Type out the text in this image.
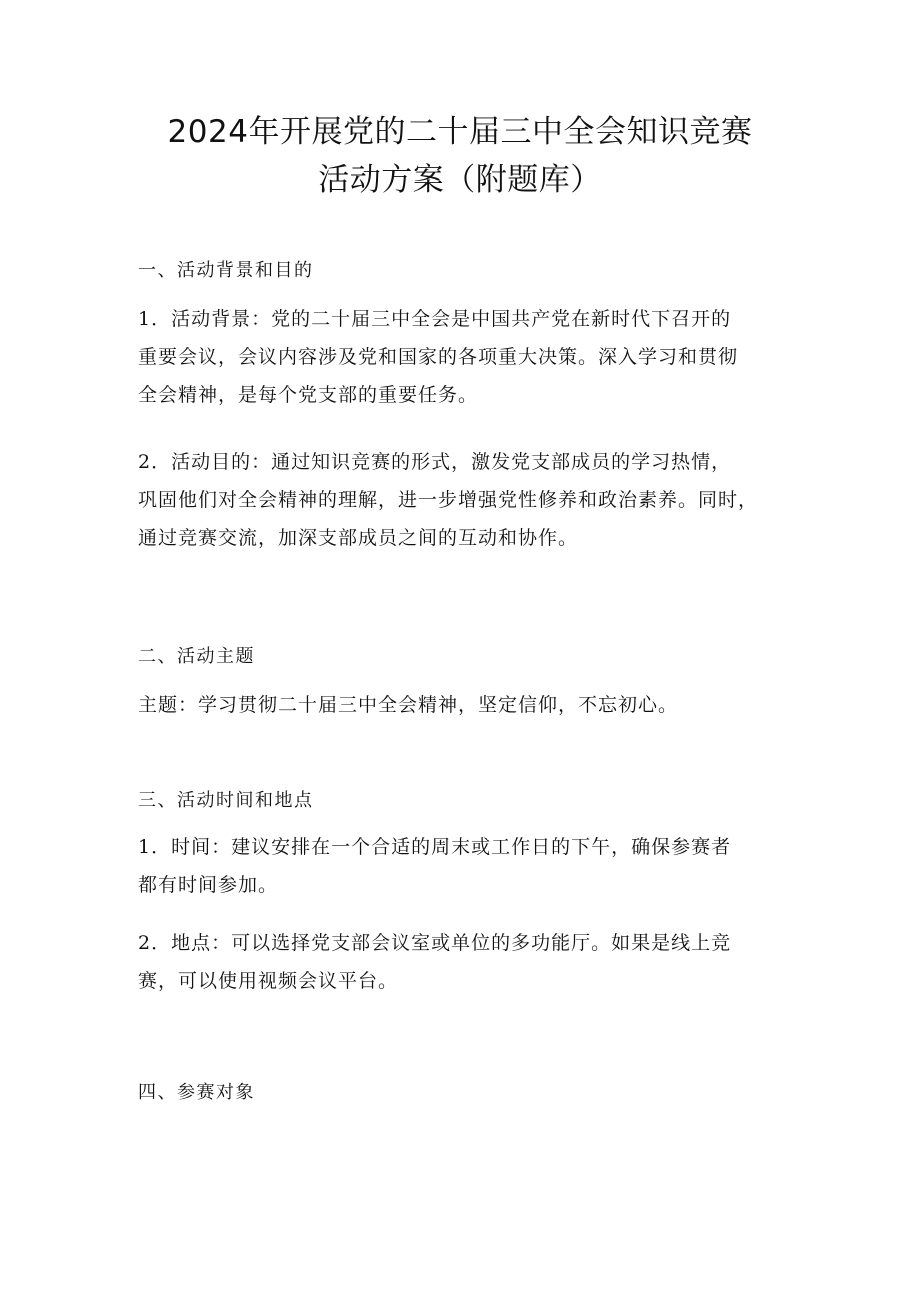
2024年开展党的二十届三中全会知识竞赛
活动方案（附题库）
一、活动背景和目的
1．活动背景：党的二十届三中全会是中国共产党在新时代下召开的
重要会议，会议内容涉及党和国家的各项重大决策。深入学习和贯彻
全会精神，是每个党支部的重要任务。
2．活动目的：通过知识竞赛的形式，激发党支部成员的学习热情，
巩固他们对全会精神的理解，进一步增强党性修养和政治素养。同时，
通过竞赛交流，加深支部成员之间的互动和协作。
二、活动主题
主题：学习贯彻二十届三中全会精神，坚定信仰，不忘初心。
三、活动时间和地点
1．时间：建议安排在一个合适的周末或工作日的下午，确保参赛者
都有时间参加。
2．地点：可以选择党支部会议室或单位的多功能厅。如果是线上竞
赛，可以使用视频会议平台。
四、参赛对象
